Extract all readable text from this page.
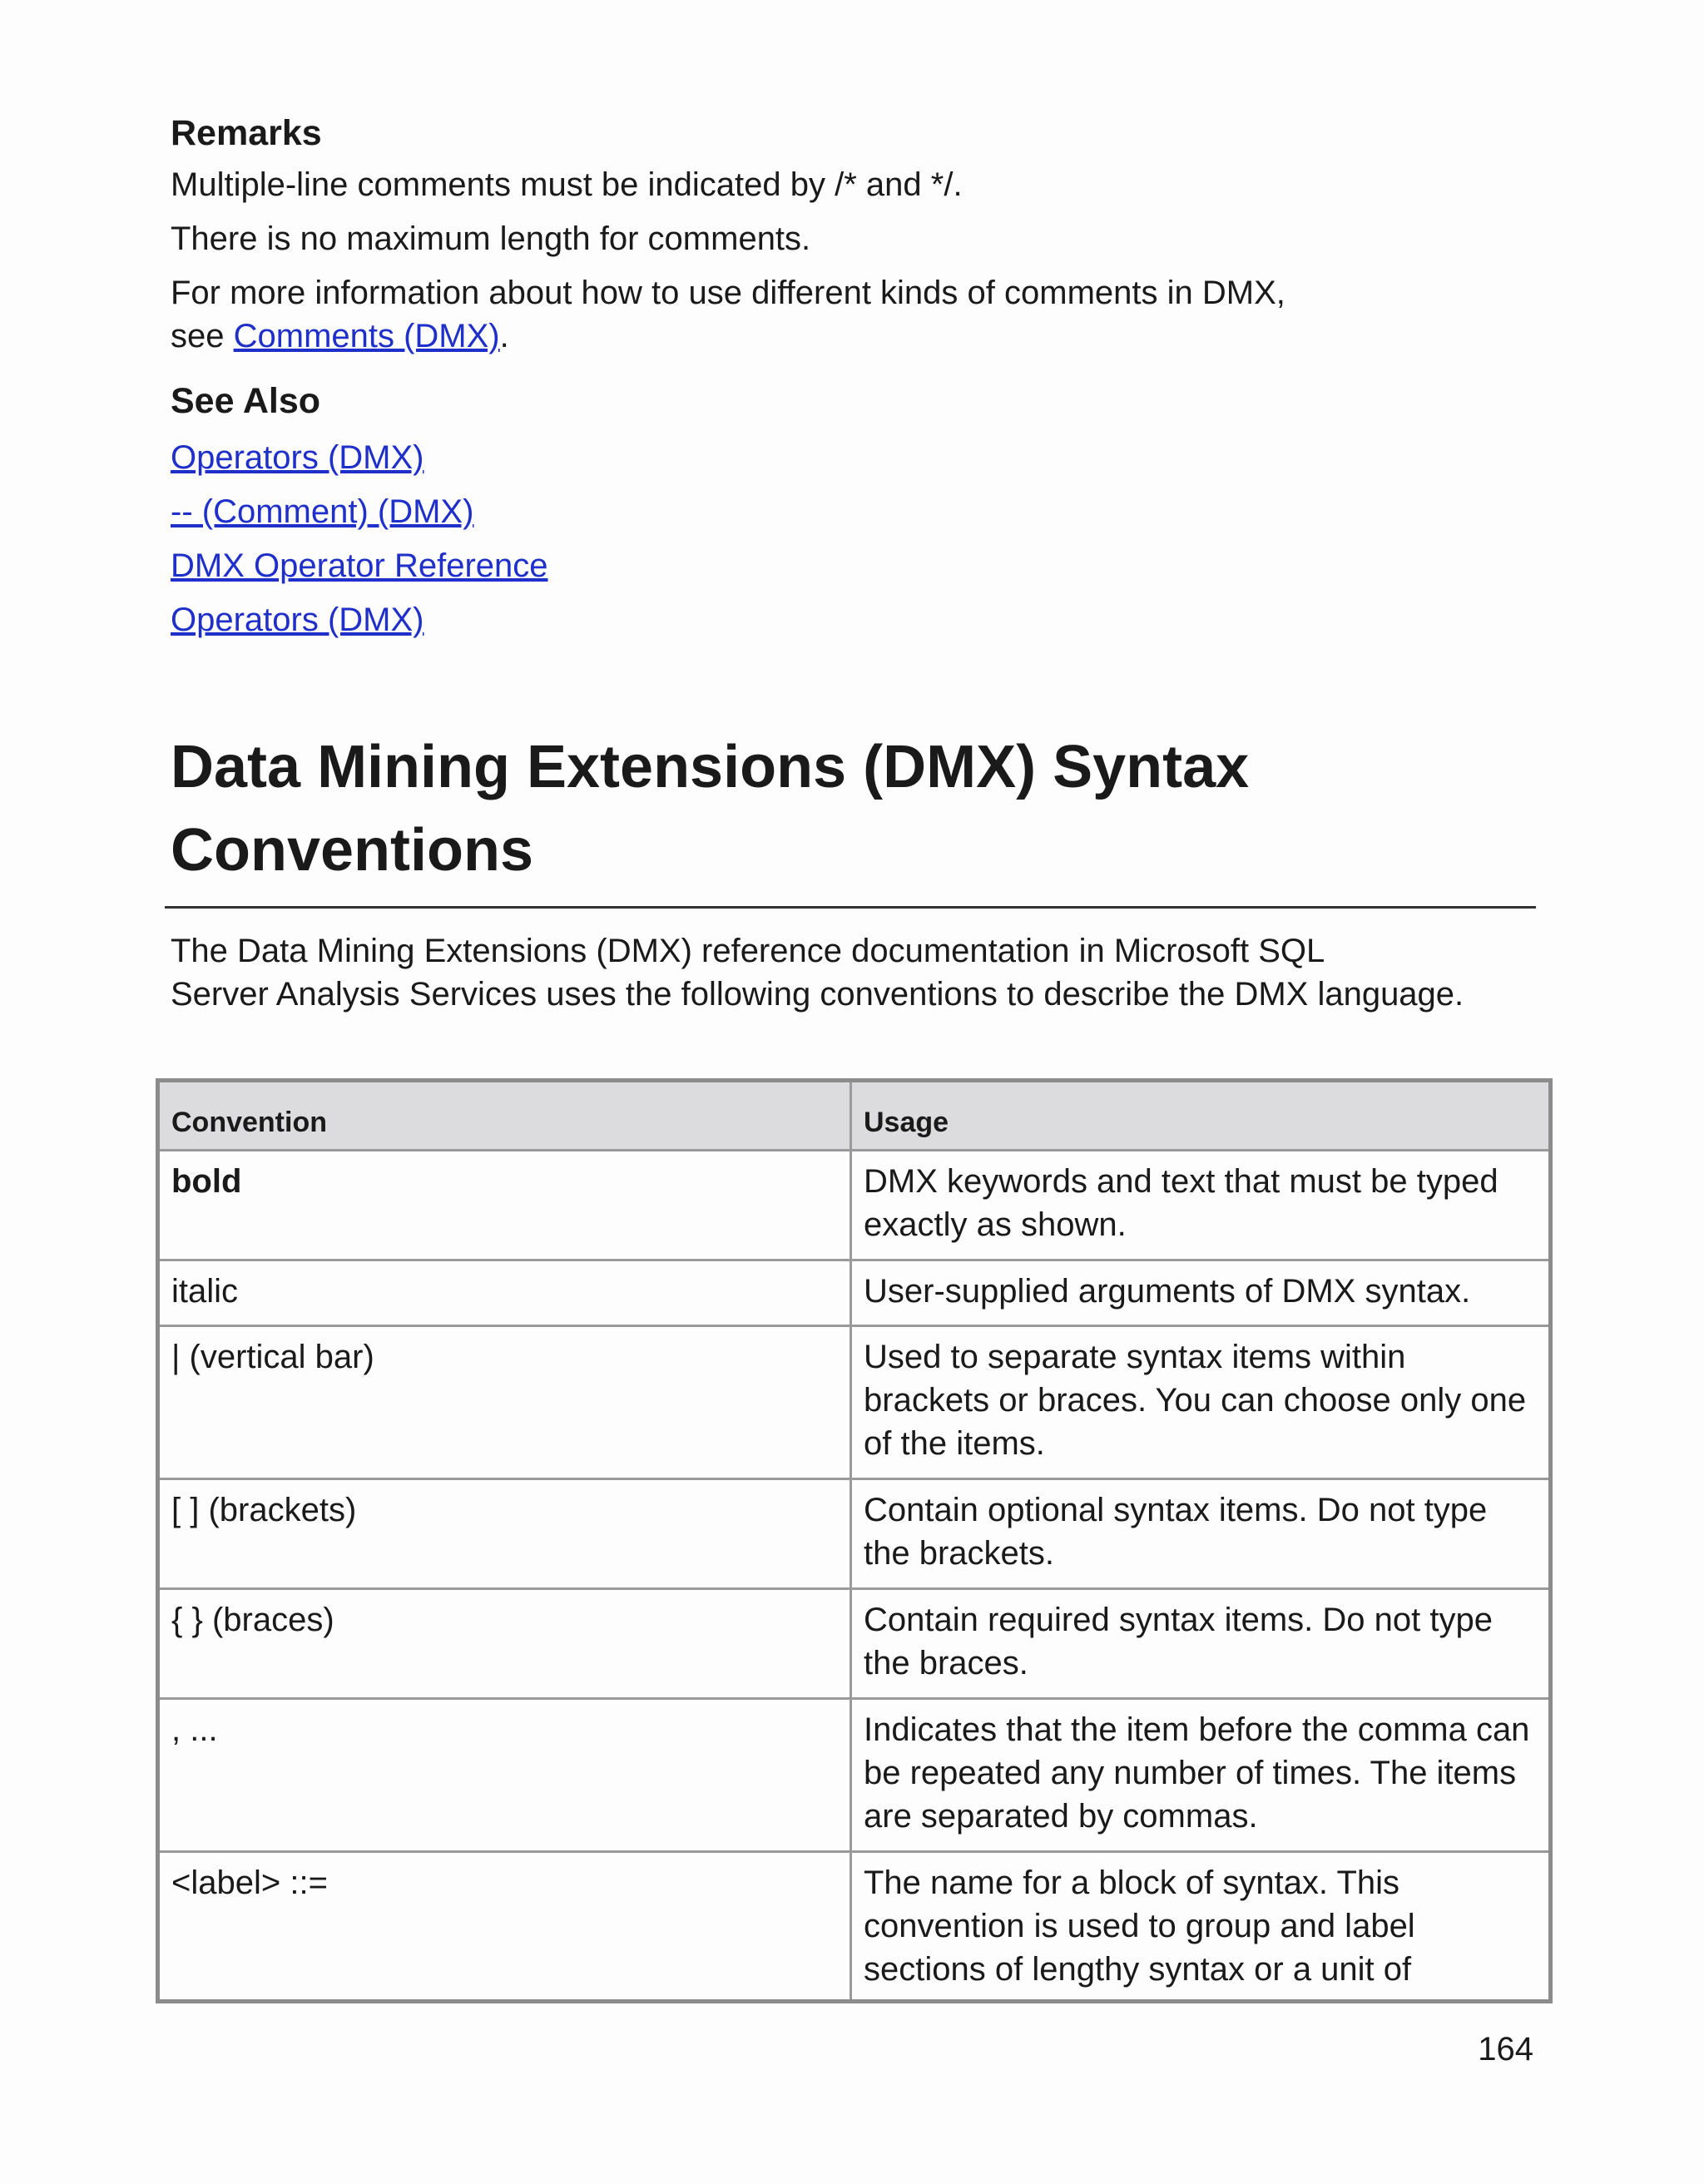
Remarks

Multiple-line comments must be indicated by /* and */.

There is no maximum length for comments.

For more information about how to use different kinds of comments in DMX,
see Comments (DMX).

See Also
Operators (DMX)
-- (Comment) (DMX)
DMX Operator Reference
Operators (DMX)
Data Mining Extensions (DMX) Syntax
Conventions
The Data Mining Extensions (DMX) reference documentation in Microsoft SQL
Server Analysis Services uses the following conventions to describe the DMX language.
Convention	Usage
bold	DMX keywords and text that must be typed exactly as shown.
italic	User-supplied arguments of DMX syntax.
| (vertical bar)	Used to separate syntax items within brackets or braces. You can choose only one of the items.
[ ] (brackets)	Contain optional syntax items. Do not type the brackets.
{ } (braces)	Contain required syntax items. Do not type the braces.
, ...	Indicates that the item before the comma can be repeated any number of times. The items are separated by commas.
<label> ::=	The name for a block of syntax. This convention is used to group and label sections of lengthy syntax or a unit of
164
